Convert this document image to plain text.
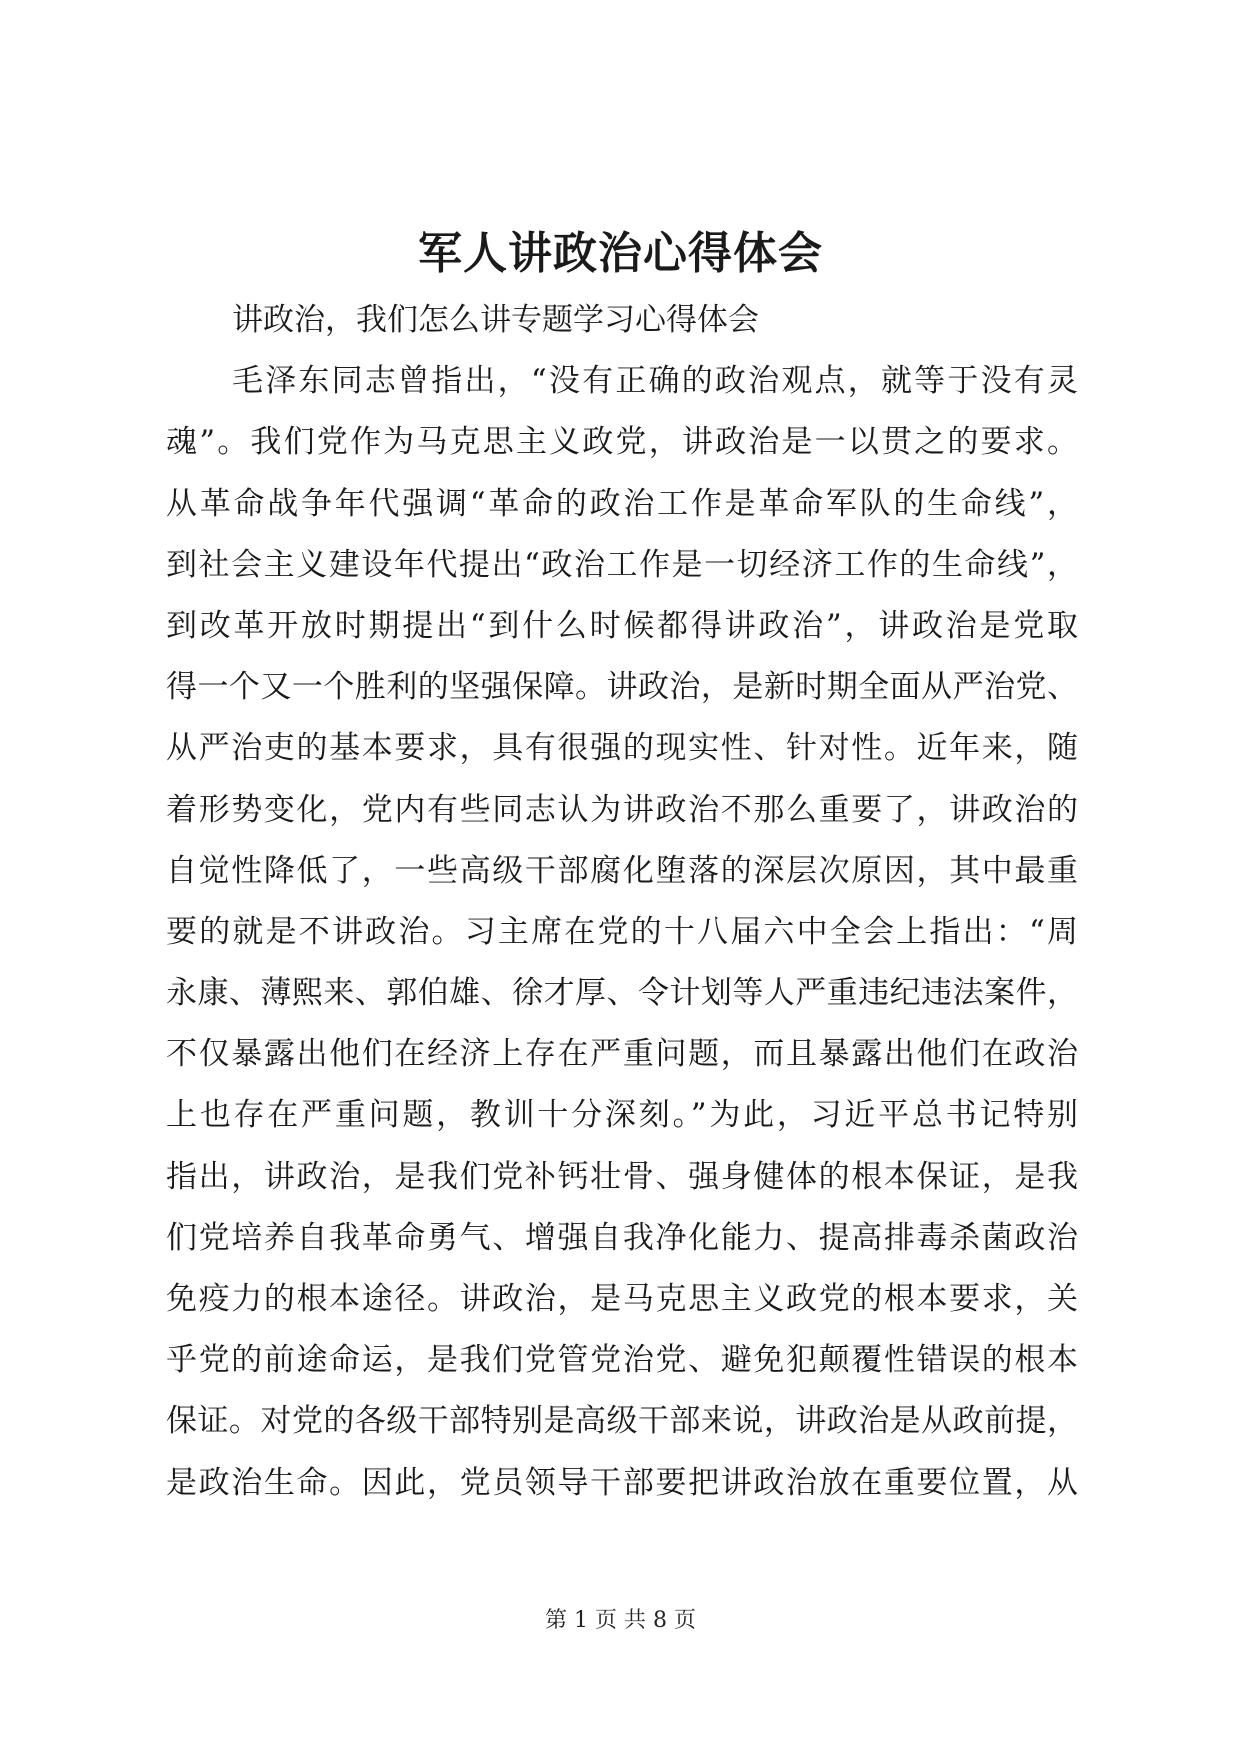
军人讲政治心得体会
讲政治，我们怎么讲专题学习心得体会
毛泽东同志曾指出，“没有正确的政治观点，就等于没有灵
魂”。我们党作为马克思主义政党，讲政治是一以贯之的要求。
从革命战争年代强调“革命的政治工作是革命军队的生命线”，
到社会主义建设年代提出“政治工作是一切经济工作的生命线”，
到改革开放时期提出“到什么时候都得讲政治”，讲政治是党取
得一个又一个胜利的坚强保障。讲政治，是新时期全面从严治党、
从严治吏的基本要求，具有很强的现实性、针对性。近年来，随
着形势变化，党内有些同志认为讲政治不那么重要了，讲政治的
自觉性降低了，一些高级干部腐化堕落的深层次原因，其中最重
要的就是不讲政治。习主席在党的十八届六中全会上指出：“周
永康、薄熙来、郭伯雄、徐才厚、令计划等人严重违纪违法案件，
不仅暴露出他们在经济上存在严重问题，而且暴露出他们在政治
上也存在严重问题，教训十分深刻。”为此，习近平总书记特别
指出，讲政治，是我们党补钙壮骨、强身健体的根本保证，是我
们党培养自我革命勇气、增强自我净化能力、提高排毒杀菌政治
免疫力的根本途径。讲政治，是马克思主义政党的根本要求，关
乎党的前途命运，是我们党管党治党、避免犯颠覆性错误的根本
保证。对党的各级干部特别是高级干部来说，讲政治是从政前提，
是政治生命。因此，党员领导干部要把讲政治放在重要位置，从
第 1 页 共 8 页
